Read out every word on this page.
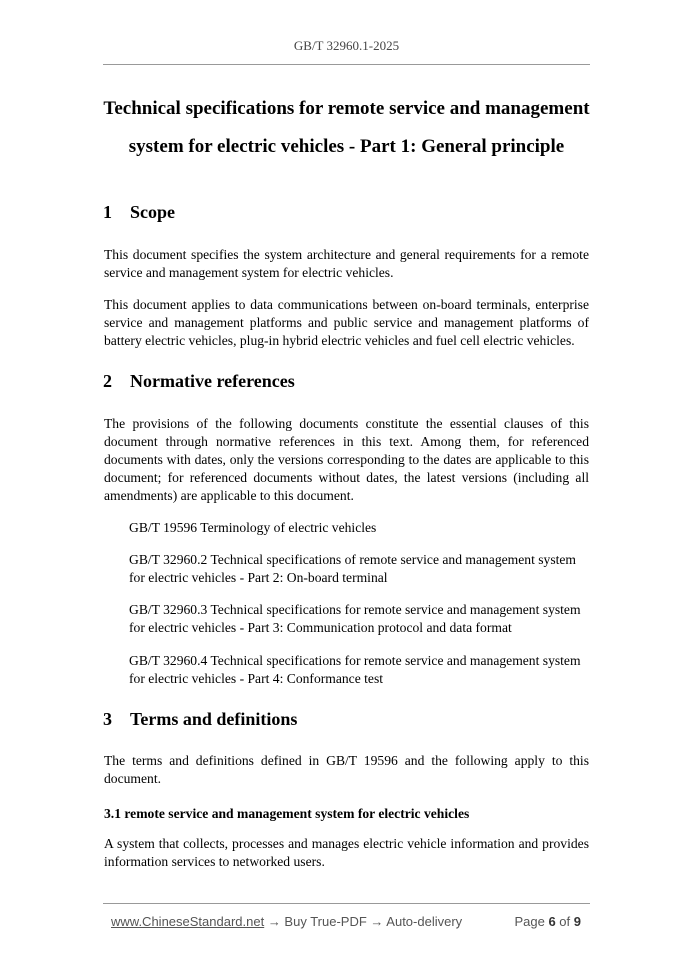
GB/T 32960.1-2025
Technical specifications for remote service and management
system for electric vehicles - Part 1: General principle
1 Scope
This document specifies the system architecture and general requirements for a remote service and management system for electric vehicles.
This document applies to data communications between on-board terminals, enterprise service and management platforms and public service and management platforms of battery electric vehicles, plug-in hybrid electric vehicles and fuel cell electric vehicles.
2 Normative references
The provisions of the following documents constitute the essential clauses of this document through normative references in this text. Among them, for referenced documents with dates, only the versions corresponding to the dates are applicable to this document; for referenced documents without dates, the latest versions (including all amendments) are applicable to this document.
GB/T 19596 Terminology of electric vehicles
GB/T 32960.2 Technical specifications of remote service and management system for electric vehicles - Part 2: On-board terminal
GB/T 32960.3 Technical specifications for remote service and management system for electric vehicles - Part 3: Communication protocol and data format
GB/T 32960.4 Technical specifications for remote service and management system for electric vehicles - Part 4: Conformance test
3 Terms and definitions
The terms and definitions defined in GB/T 19596 and the following apply to this document.
3.1 remote service and management system for electric vehicles
A system that collects, processes and manages electric vehicle information and provides information services to networked users.
www.ChineseStandard.net → Buy True-PDF → Auto-delivery	Page 6 of 9
